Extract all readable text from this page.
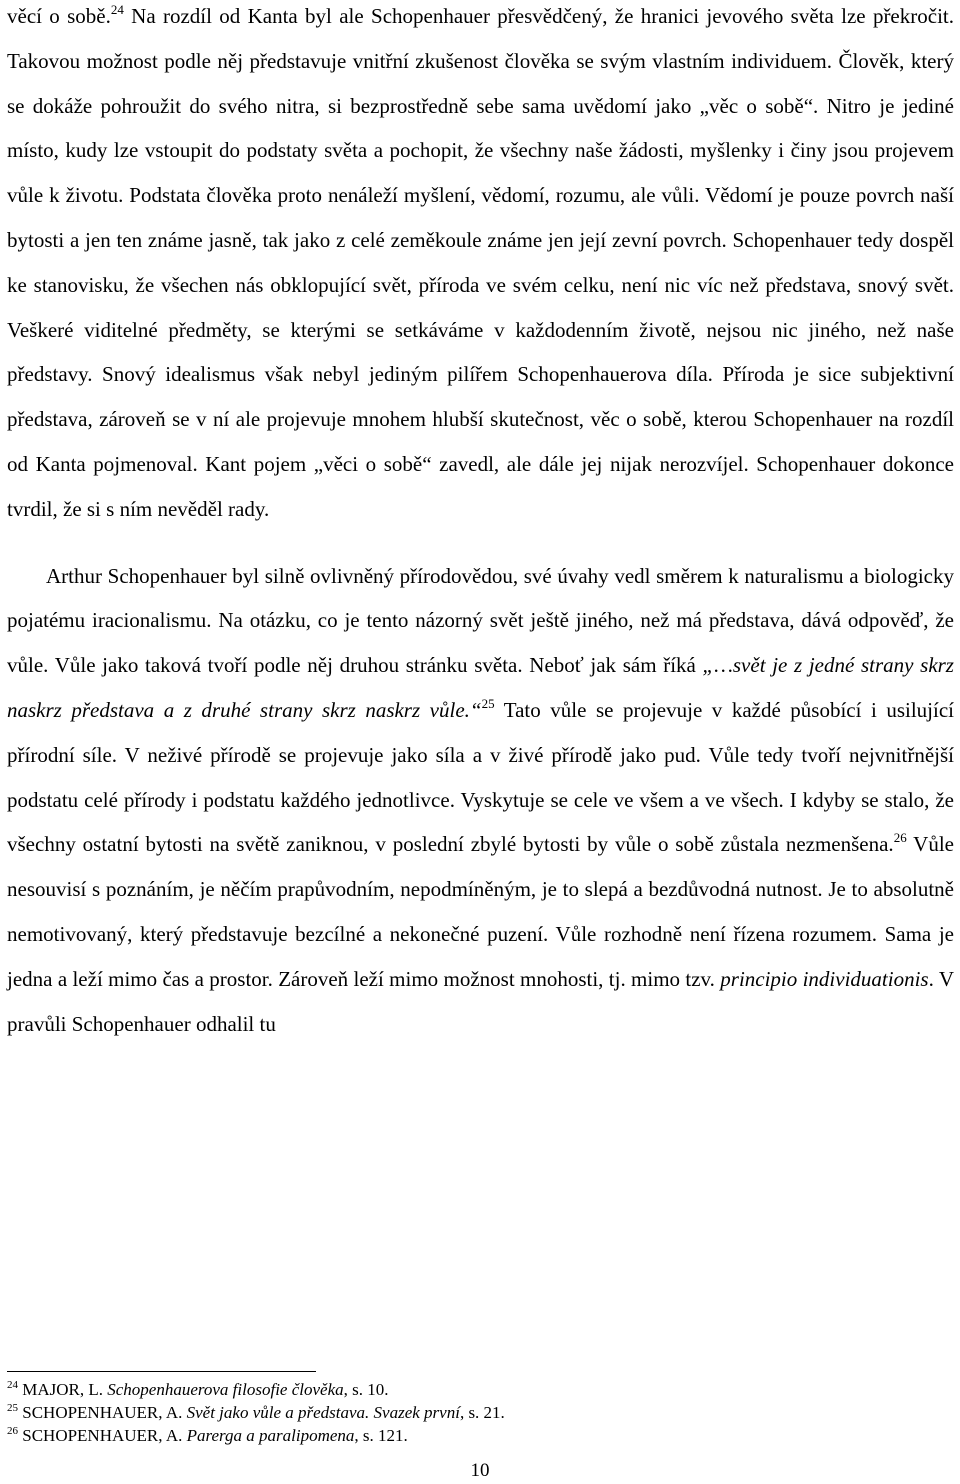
věcí o sobě.$^{24}$ Na rozdíl od Kanta byl ale Schopenhauer přesvědčený, že hranici jevového světa lze překročit. Takovou možnost podle něj představuje vnitřní zkušenost člověka se svým vlastním individuem. Člověk, který se dokáže pohroužit do svého nitra, si bezprostředně sebe sama uvědomí jako „věc o sobě“. Nitro je jediné místo, kudy lze vstoupit do podstaty světa a pochopit, že všechny naše žádosti, myšlenky i činy jsou projevem vůle k životu. Podstata člověka proto nenáleží myšlení, vědomí, rozumu, ale vůli. Vědomí je pouze povrch naší bytosti a jen ten známe jasně, tak jako z celé zeměkoule známe jen její zevní povrch. Schopenhauer tedy dospěl ke stanovisku, že všechen nás obklopující svět, příroda ve svém celku, není nic víc než představa, snový svět. Veškeré viditelné předměty, se kterými se setkáváme v každodenním životě, nejsou nic jiného, než naše představy. Snový idealismus však nebyl jediným pilířem Schopenhauerova díla. Příroda je sice subjektivní představa, zároveň se v ní ale projevuje mnohem hlubší skutečnost, věc o sobě, kterou Schopenhauer na rozdíl od Kanta pojmenoval. Kant pojem „věci o sobě“ zavedl, ale dále jej nijak nerozvíjel. Schopenhauer dokonce tvrdil, že si s ním nevěděl rady.

Arthur Schopenhauer byl silně ovlivněný přírodovědou, své úvahy vedl směrem k naturalismu a biologicky pojatému iracionalismu. Na otázku, co je tento názorný svět ještě jiného, než má představa, dává odpověď, že vůle. Vůle jako taková tvoří podle něj druhou stránku světa. Neboť jak sám říká „…svět je z jedné strany skrz naskrz představa a z druhé strany skrz naskrz vůle.“$^{25}$ Tato vůle se projevuje v každé působící i usilující přírodní síle. V neživé přírodě se projevuje jako síla a v živé přírodě jako pud. Vůle tedy tvoří nejvnitřnější podstatu celé přírody i podstatu každého jednotlivce. Vyskytuje se cele ve všem a ve všech. I kdyby se stalo, že všechny ostatní bytosti na světě zaniknou, v poslední zbylé bytosti by vůle o sobě zůstala nezmenšena.$^{26}$ Vůle nesouvisí s poznáním, je něčím prapůvodním, nepodmíněným, je to slepá a bezdůvodná nutnost. Je to absolutně nemotivovaný, který představuje bezcílné a nekonečné puzení. Vůle rozhodně není řízena rozumem. Sama je jedna a leží mimo čas a prostor. Zároveň leží mimo možnost mnohosti, tj. mimo tzv. principio individuationis. V pravůli Schopenhauer odhalil tu

$^{24}$ MAJOR, L. Schopenhauerova filosofie člověka, s. 10.

$^{25}$ SCHOPENHAUER, A. Svět jako vůle a představa. Svazek první, s. 21.

$^{26}$ SCHOPENHAUER, A. Parerga a paralipomena, s. 121.

10
